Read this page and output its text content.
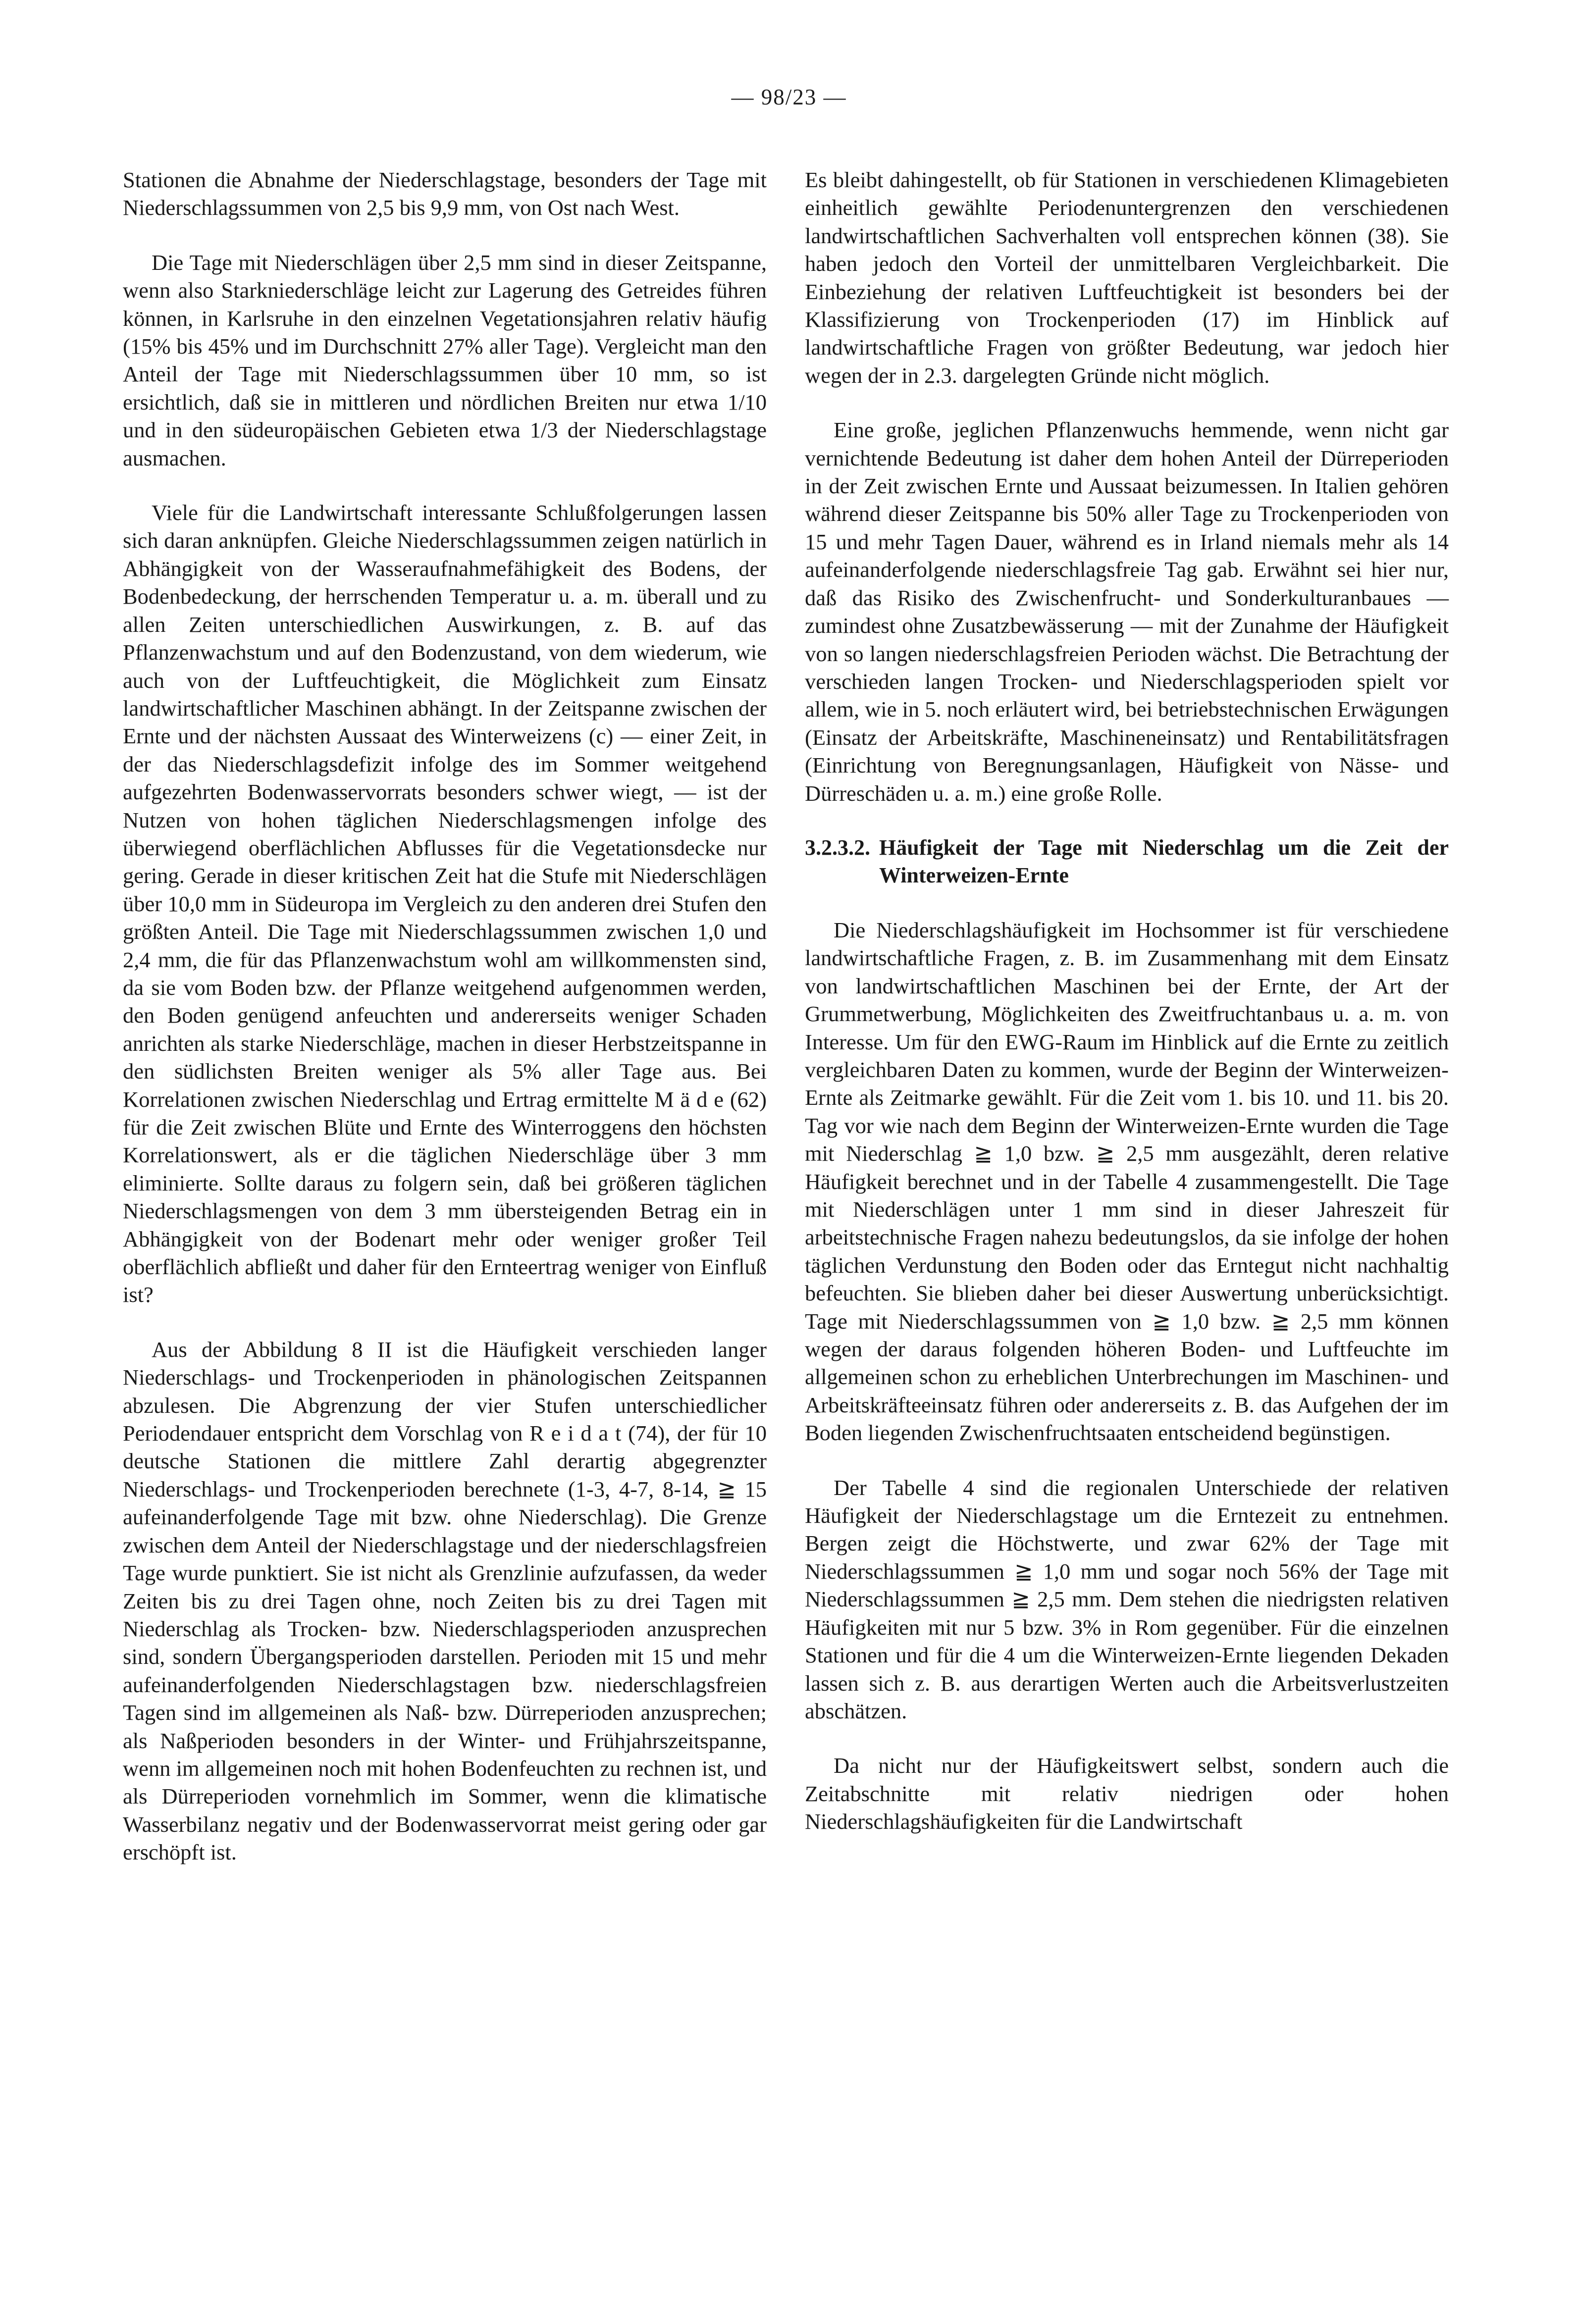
— 98/23 —

Stationen die Abnahme der Niederschlagstage, besonders der Tage mit Niederschlagssummen von 2,5 bis 9,9 mm, von Ost nach West.

Die Tage mit Niederschlägen über 2,5 mm sind in dieser Zeitspanne, wenn also Starkniederschläge leicht zur Lagerung des Getreides führen können, in Karlsruhe in den einzelnen Vegetationsjahren relativ häufig (15% bis 45% und im Durchschnitt 27% aller Tage). Vergleicht man den Anteil der Tage mit Niederschlagssummen über 10 mm, so ist ersichtlich, daß sie in mittleren und nördlichen Breiten nur etwa 1/10 und in den südeuropäischen Gebieten etwa 1/3 der Niederschlagstage ausmachen.

Viele für die Landwirtschaft interessante Schlußfolgerungen lassen sich daran anknüpfen. Gleiche Niederschlagssummen zeigen natürlich in Abhängigkeit von der Wasseraufnahmefähigkeit des Bodens, der Bodenbedeckung, der herrschenden Temperatur u. a. m. überall und zu allen Zeiten unterschiedlichen Auswirkungen, z. B. auf das Pflanzenwachstum und auf den Bodenzustand, von dem wiederum, wie auch von der Luftfeuchtigkeit, die Möglichkeit zum Einsatz landwirtschaftlicher Maschinen abhängt. In der Zeitspanne zwischen der Ernte und der nächsten Aussaat des Winterweizens (c) — einer Zeit, in der das Niederschlagsdefizit infolge des im Sommer weitgehend aufgezehrten Bodenwasservorrats besonders schwer wiegt, — ist der Nutzen von hohen täglichen Niederschlagsmengen infolge des überwiegend oberflächlichen Abflusses für die Vegetationsdecke nur gering. Gerade in dieser kritischen Zeit hat die Stufe mit Niederschlägen über 10,0 mm in Südeuropa im Vergleich zu den anderen drei Stufen den größten Anteil. Die Tage mit Niederschlagssummen zwischen 1,0 und 2,4 mm, die für das Pflanzenwachstum wohl am willkommensten sind, da sie vom Boden bzw. der Pflanze weitgehend aufgenommen werden, den Boden genügend anfeuchten und andererseits weniger Schaden anrichten als starke Niederschläge, machen in dieser Herbstzeitspanne in den südlichsten Breiten weniger als 5% aller Tage aus. Bei Korrelationen zwischen Niederschlag und Ertrag ermittelte M ä d e (62) für die Zeit zwischen Blüte und Ernte des Winterroggens den höchsten Korrelationswert, als er die täglichen Niederschläge über 3 mm eliminierte. Sollte daraus zu folgern sein, daß bei größeren täglichen Niederschlagsmengen von dem 3 mm übersteigenden Betrag ein in Abhängigkeit von der Bodenart mehr oder weniger großer Teil oberflächlich abfließt und daher für den Ernteertrag weniger von Einfluß ist?

Aus der Abbildung 8 II ist die Häufigkeit verschieden langer Niederschlags- und Trockenperioden in phänologischen Zeitspannen abzulesen. Die Abgrenzung der vier Stufen unterschiedlicher Periodendauer entspricht dem Vorschlag von R e i d a t (74), der für 10 deutsche Stationen die mittlere Zahl derartig abgegrenzter Niederschlags- und Trockenperioden berechnete (1-3, 4-7, 8-14, ≧ 15 aufeinanderfolgende Tage mit bzw. ohne Niederschlag). Die Grenze zwischen dem Anteil der Niederschlagstage und der niederschlagsfreien Tage wurde punktiert. Sie ist nicht als Grenzlinie aufzufassen, da weder Zeiten bis zu drei Tagen ohne, noch Zeiten bis zu drei Tagen mit Niederschlag als Trocken- bzw. Niederschlagsperioden anzusprechen sind, sondern Übergangsperioden darstellen. Perioden mit 15 und mehr aufeinanderfolgenden Niederschlagstagen bzw. niederschlagsfreien Tagen sind im allgemeinen als Naß- bzw. Dürreperioden anzusprechen; als Naßperioden besonders in der Winter- und Frühjahrszeitspanne, wenn im allgemeinen noch mit hohen Bodenfeuchten zu rechnen ist, und als Dürreperioden vornehmlich im Sommer, wenn die klimatische Wasserbilanz negativ und der Bodenwasservorrat meist gering oder gar erschöpft ist.

Es bleibt dahingestellt, ob für Stationen in verschiedenen Klimagebieten einheitlich gewählte Periodenuntergrenzen den verschiedenen landwirtschaftlichen Sachverhalten voll entsprechen können (38). Sie haben jedoch den Vorteil der unmittelbaren Vergleichbarkeit. Die Einbeziehung der relativen Luftfeuchtigkeit ist besonders bei der Klassifizierung von Trockenperioden (17) im Hinblick auf landwirtschaftliche Fragen von größter Bedeutung, war jedoch hier wegen der in 2.3. dargelegten Gründe nicht möglich.

Eine große, jeglichen Pflanzenwuchs hemmende, wenn nicht gar vernichtende Bedeutung ist daher dem hohen Anteil der Dürreperioden in der Zeit zwischen Ernte und Aussaat beizumessen. In Italien gehören während dieser Zeitspanne bis 50% aller Tage zu Trockenperioden von 15 und mehr Tagen Dauer, während es in Irland niemals mehr als 14 aufeinanderfolgende niederschlagsfreie Tag gab. Erwähnt sei hier nur, daß das Risiko des Zwischenfrucht- und Sonderkulturanbaues — zumindest ohne Zusatzbewässerung — mit der Zunahme der Häufigkeit von so langen niederschlagsfreien Perioden wächst. Die Betrachtung der verschieden langen Trocken- und Niederschlagsperioden spielt vor allem, wie in 5. noch erläutert wird, bei betriebstechnischen Erwägungen (Einsatz der Arbeitskräfte, Maschineneinsatz) und Rentabilitätsfragen (Einrichtung von Beregnungsanlagen, Häufigkeit von Nässe- und Dürreschäden u. a. m.) eine große Rolle.

3.2.3.2. Häufigkeit der Tage mit Niederschlag um die Zeit der Winterweizen-Ernte

Die Niederschlagshäufigkeit im Hochsommer ist für verschiedene landwirtschaftliche Fragen, z. B. im Zusammenhang mit dem Einsatz von landwirtschaftlichen Maschinen bei der Ernte, der Art der Grummetwerbung, Möglichkeiten des Zweitfruchtanbaus u. a. m. von Interesse. Um für den EWG-Raum im Hinblick auf die Ernte zu zeitlich vergleichbaren Daten zu kommen, wurde der Beginn der Winterweizen-Ernte als Zeitmarke gewählt. Für die Zeit vom 1. bis 10. und 11. bis 20. Tag vor wie nach dem Beginn der Winterweizen-Ernte wurden die Tage mit Niederschlag ≧ 1,0 bzw. ≧ 2,5 mm ausgezählt, deren relative Häufigkeit berechnet und in der Tabelle 4 zusammengestellt. Die Tage mit Niederschlägen unter 1 mm sind in dieser Jahreszeit für arbeitstechnische Fragen nahezu bedeutungslos, da sie infolge der hohen täglichen Verdunstung den Boden oder das Erntegut nicht nachhaltig befeuchten. Sie blieben daher bei dieser Auswertung unberücksichtigt. Tage mit Niederschlagssummen von ≧ 1,0 bzw. ≧ 2,5 mm können wegen der daraus folgenden höheren Boden- und Luftfeuchte im allgemeinen schon zu erheblichen Unterbrechungen im Maschinen- und Arbeitskräfteeinsatz führen oder andererseits z. B. das Aufgehen der im Boden liegenden Zwischenfruchtsaaten entscheidend begünstigen.

Der Tabelle 4 sind die regionalen Unterschiede der relativen Häufigkeit der Niederschlagstage um die Erntezeit zu entnehmen. Bergen zeigt die Höchstwerte, und zwar 62% der Tage mit Niederschlagssummen ≧ 1,0 mm und sogar noch 56% der Tage mit Niederschlagssummen ≧ 2,5 mm. Dem stehen die niedrigsten relativen Häufigkeiten mit nur 5 bzw. 3% in Rom gegenüber. Für die einzelnen Stationen und für die 4 um die Winterweizen-Ernte liegenden Dekaden lassen sich z. B. aus derartigen Werten auch die Arbeitsverlustzeiten abschätzen.

Da nicht nur der Häufigkeitswert selbst, sondern auch die Zeitabschnitte mit relativ niedrigen oder hohen Niederschlagshäufigkeiten für die Landwirtschaft
